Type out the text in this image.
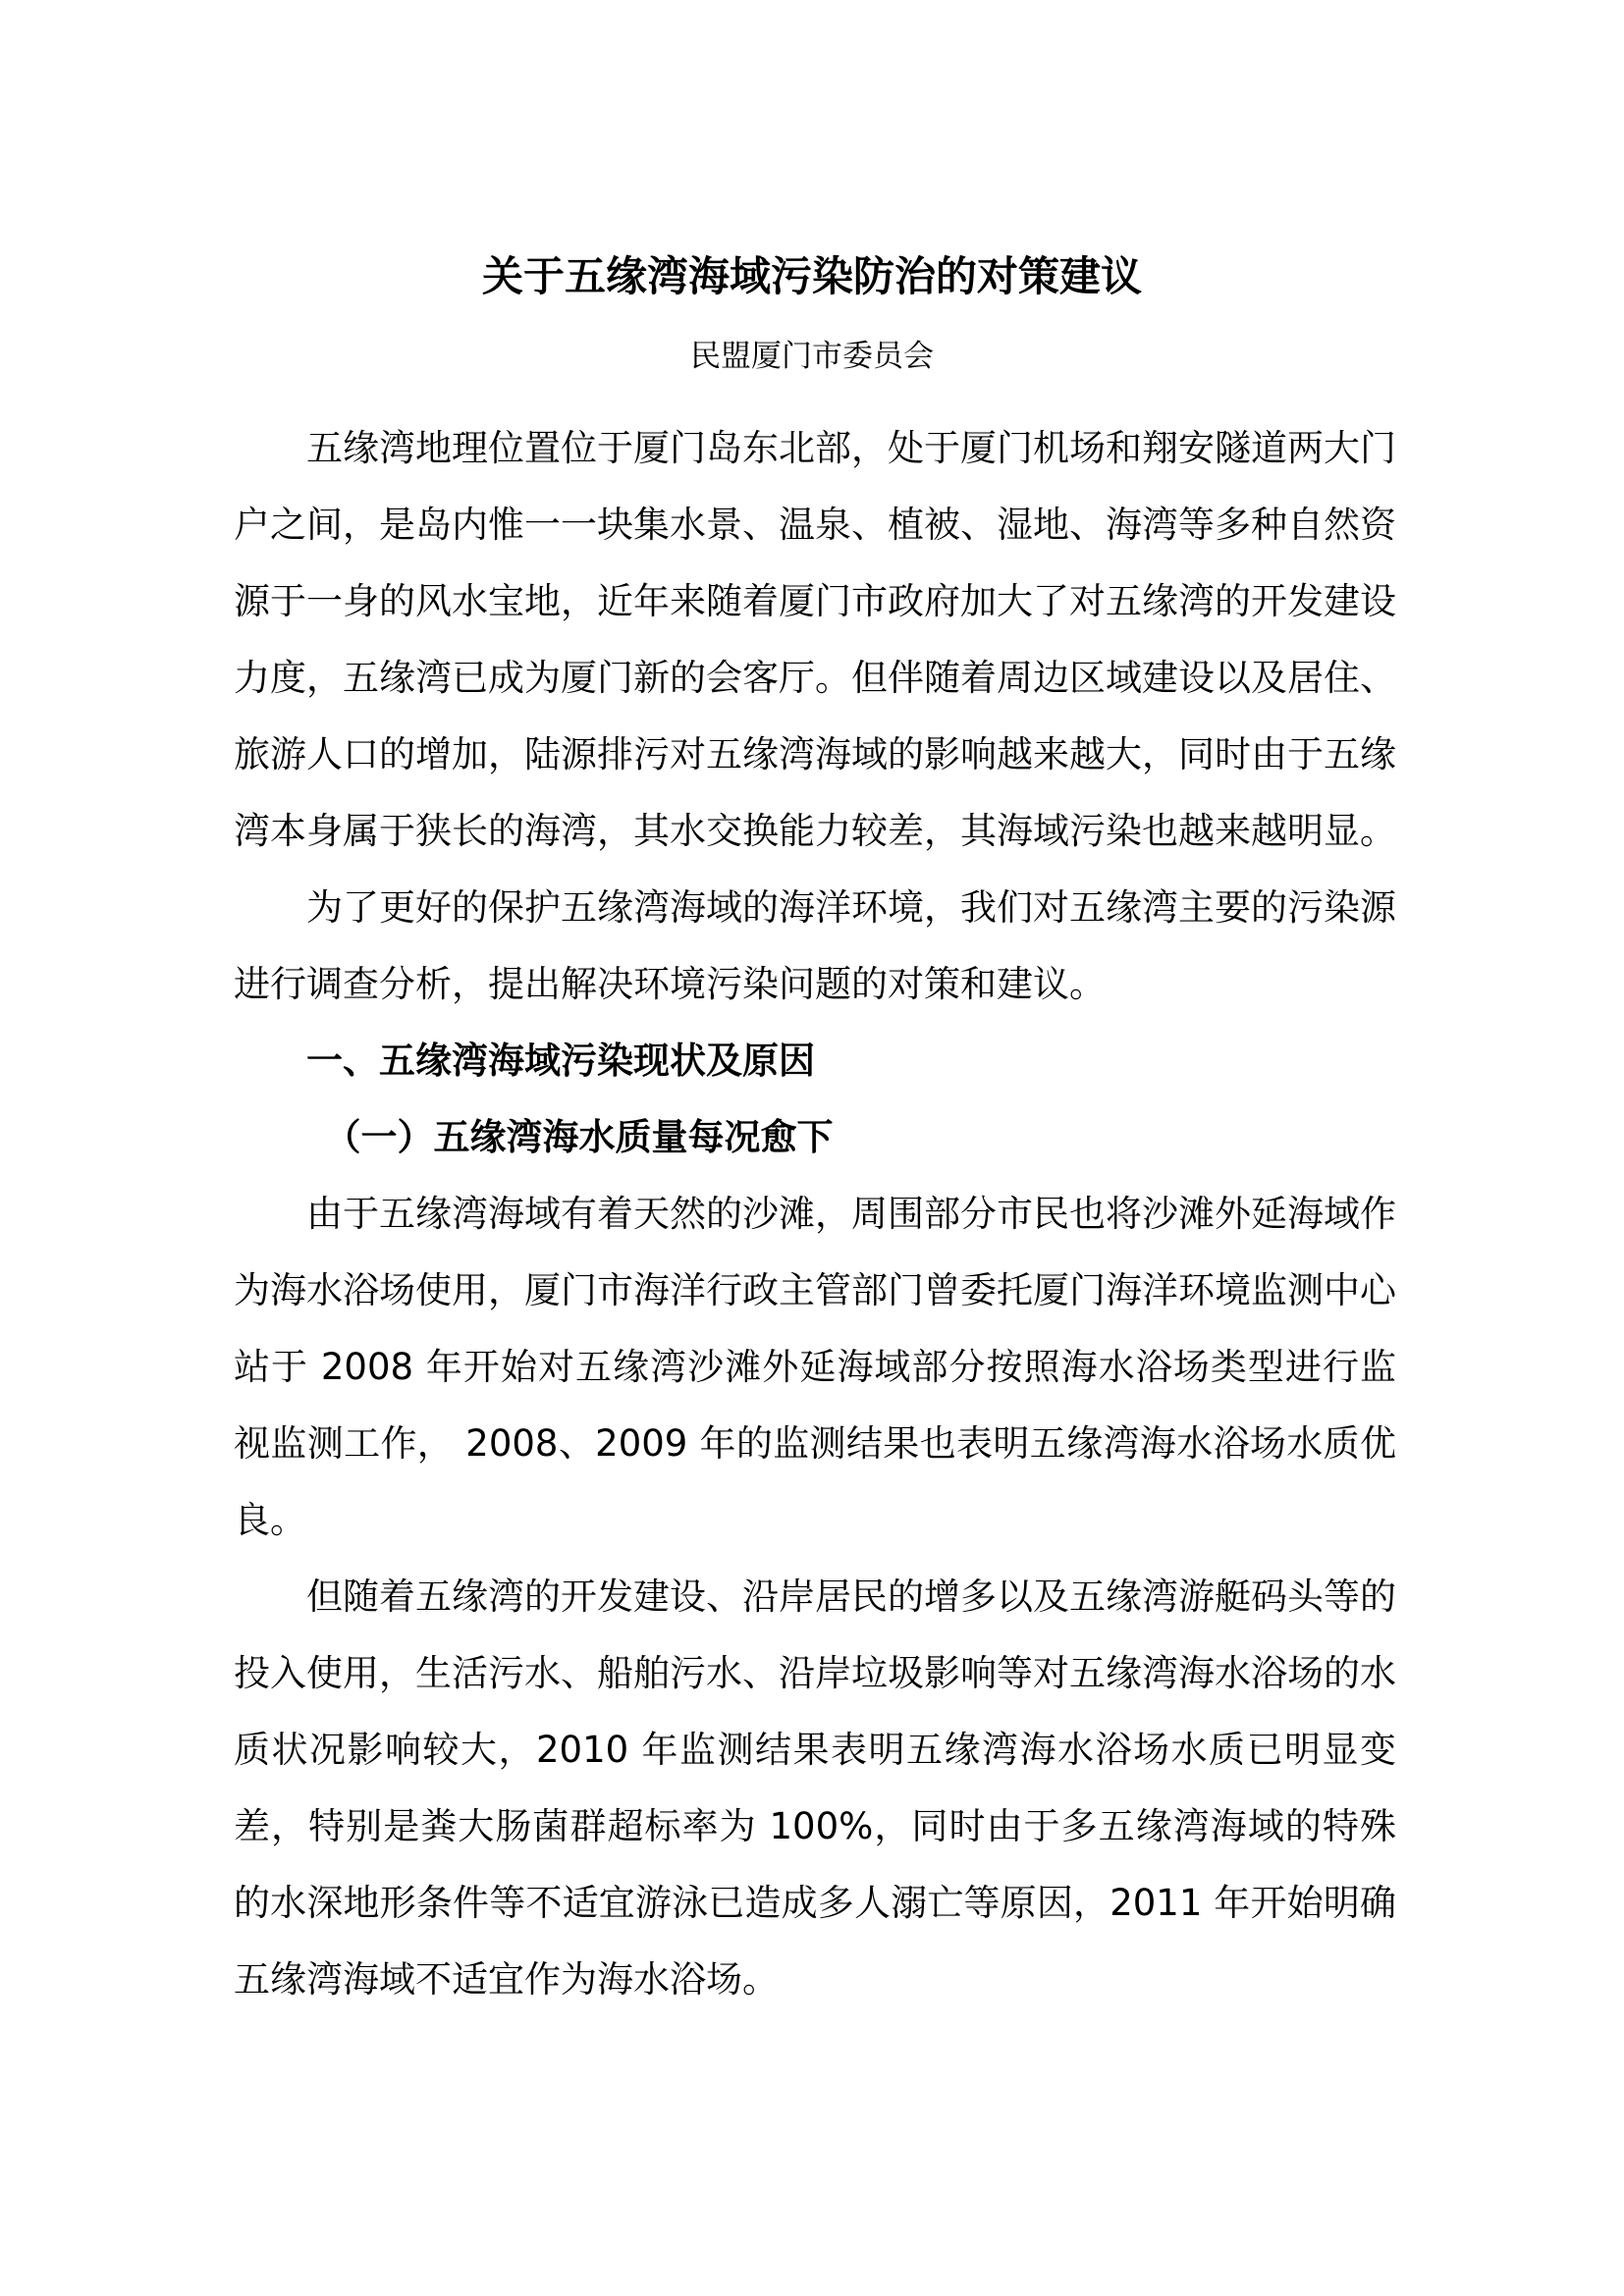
关于五缘湾海域污染防治的对策建议
民盟厦门市委员会

五缘湾地理位置位于厦门岛东北部，处于厦门机场和翔安隧道两大门户之间，是岛内惟一一块集水景、温泉、植被、湿地、海湾等多种自然资源于一身的风水宝地，近年来随着厦门市政府加大了对五缘湾的开发建设力度，五缘湾已成为厦门新的会客厅。但伴随着周边区域建设以及居住、旅游人口的增加，陆源排污对五缘湾海域的影响越来越大，同时由于五缘湾本身属于狭长的海湾，其水交换能力较差，其海域污染也越来越明显。

为了更好的保护五缘湾海域的海洋环境，我们对五缘湾主要的污染源进行调查分析，提出解决环境污染问题的对策和建议。

一、五缘湾海域污染现状及原因
（一）五缘湾海水质量每况愈下

由于五缘湾海域有着天然的沙滩，周围部分市民也将沙滩外延海域作为海水浴场使用，厦门市海洋行政主管部门曾委托厦门海洋环境监测中心站于 2008 年开始对五缘湾沙滩外延海域部分按照海水浴场类型进行监视监测工作， 2008、2009 年的监测结果也表明五缘湾海水浴场水质优良。

但随着五缘湾的开发建设、沿岸居民的增多以及五缘湾游艇码头等的投入使用，生活污水、船舶污水、沿岸垃圾影响等对五缘湾海水浴场的水质状况影响较大，2010 年监测结果表明五缘湾海水浴场水质已明显变差，特别是粪大肠菌群超标率为 100%，同时由于多五缘湾海域的特殊的水深地形条件等不适宜游泳已造成多人溺亡等原因，2011 年开始明确五缘湾海域不适宜作为海水浴场。
